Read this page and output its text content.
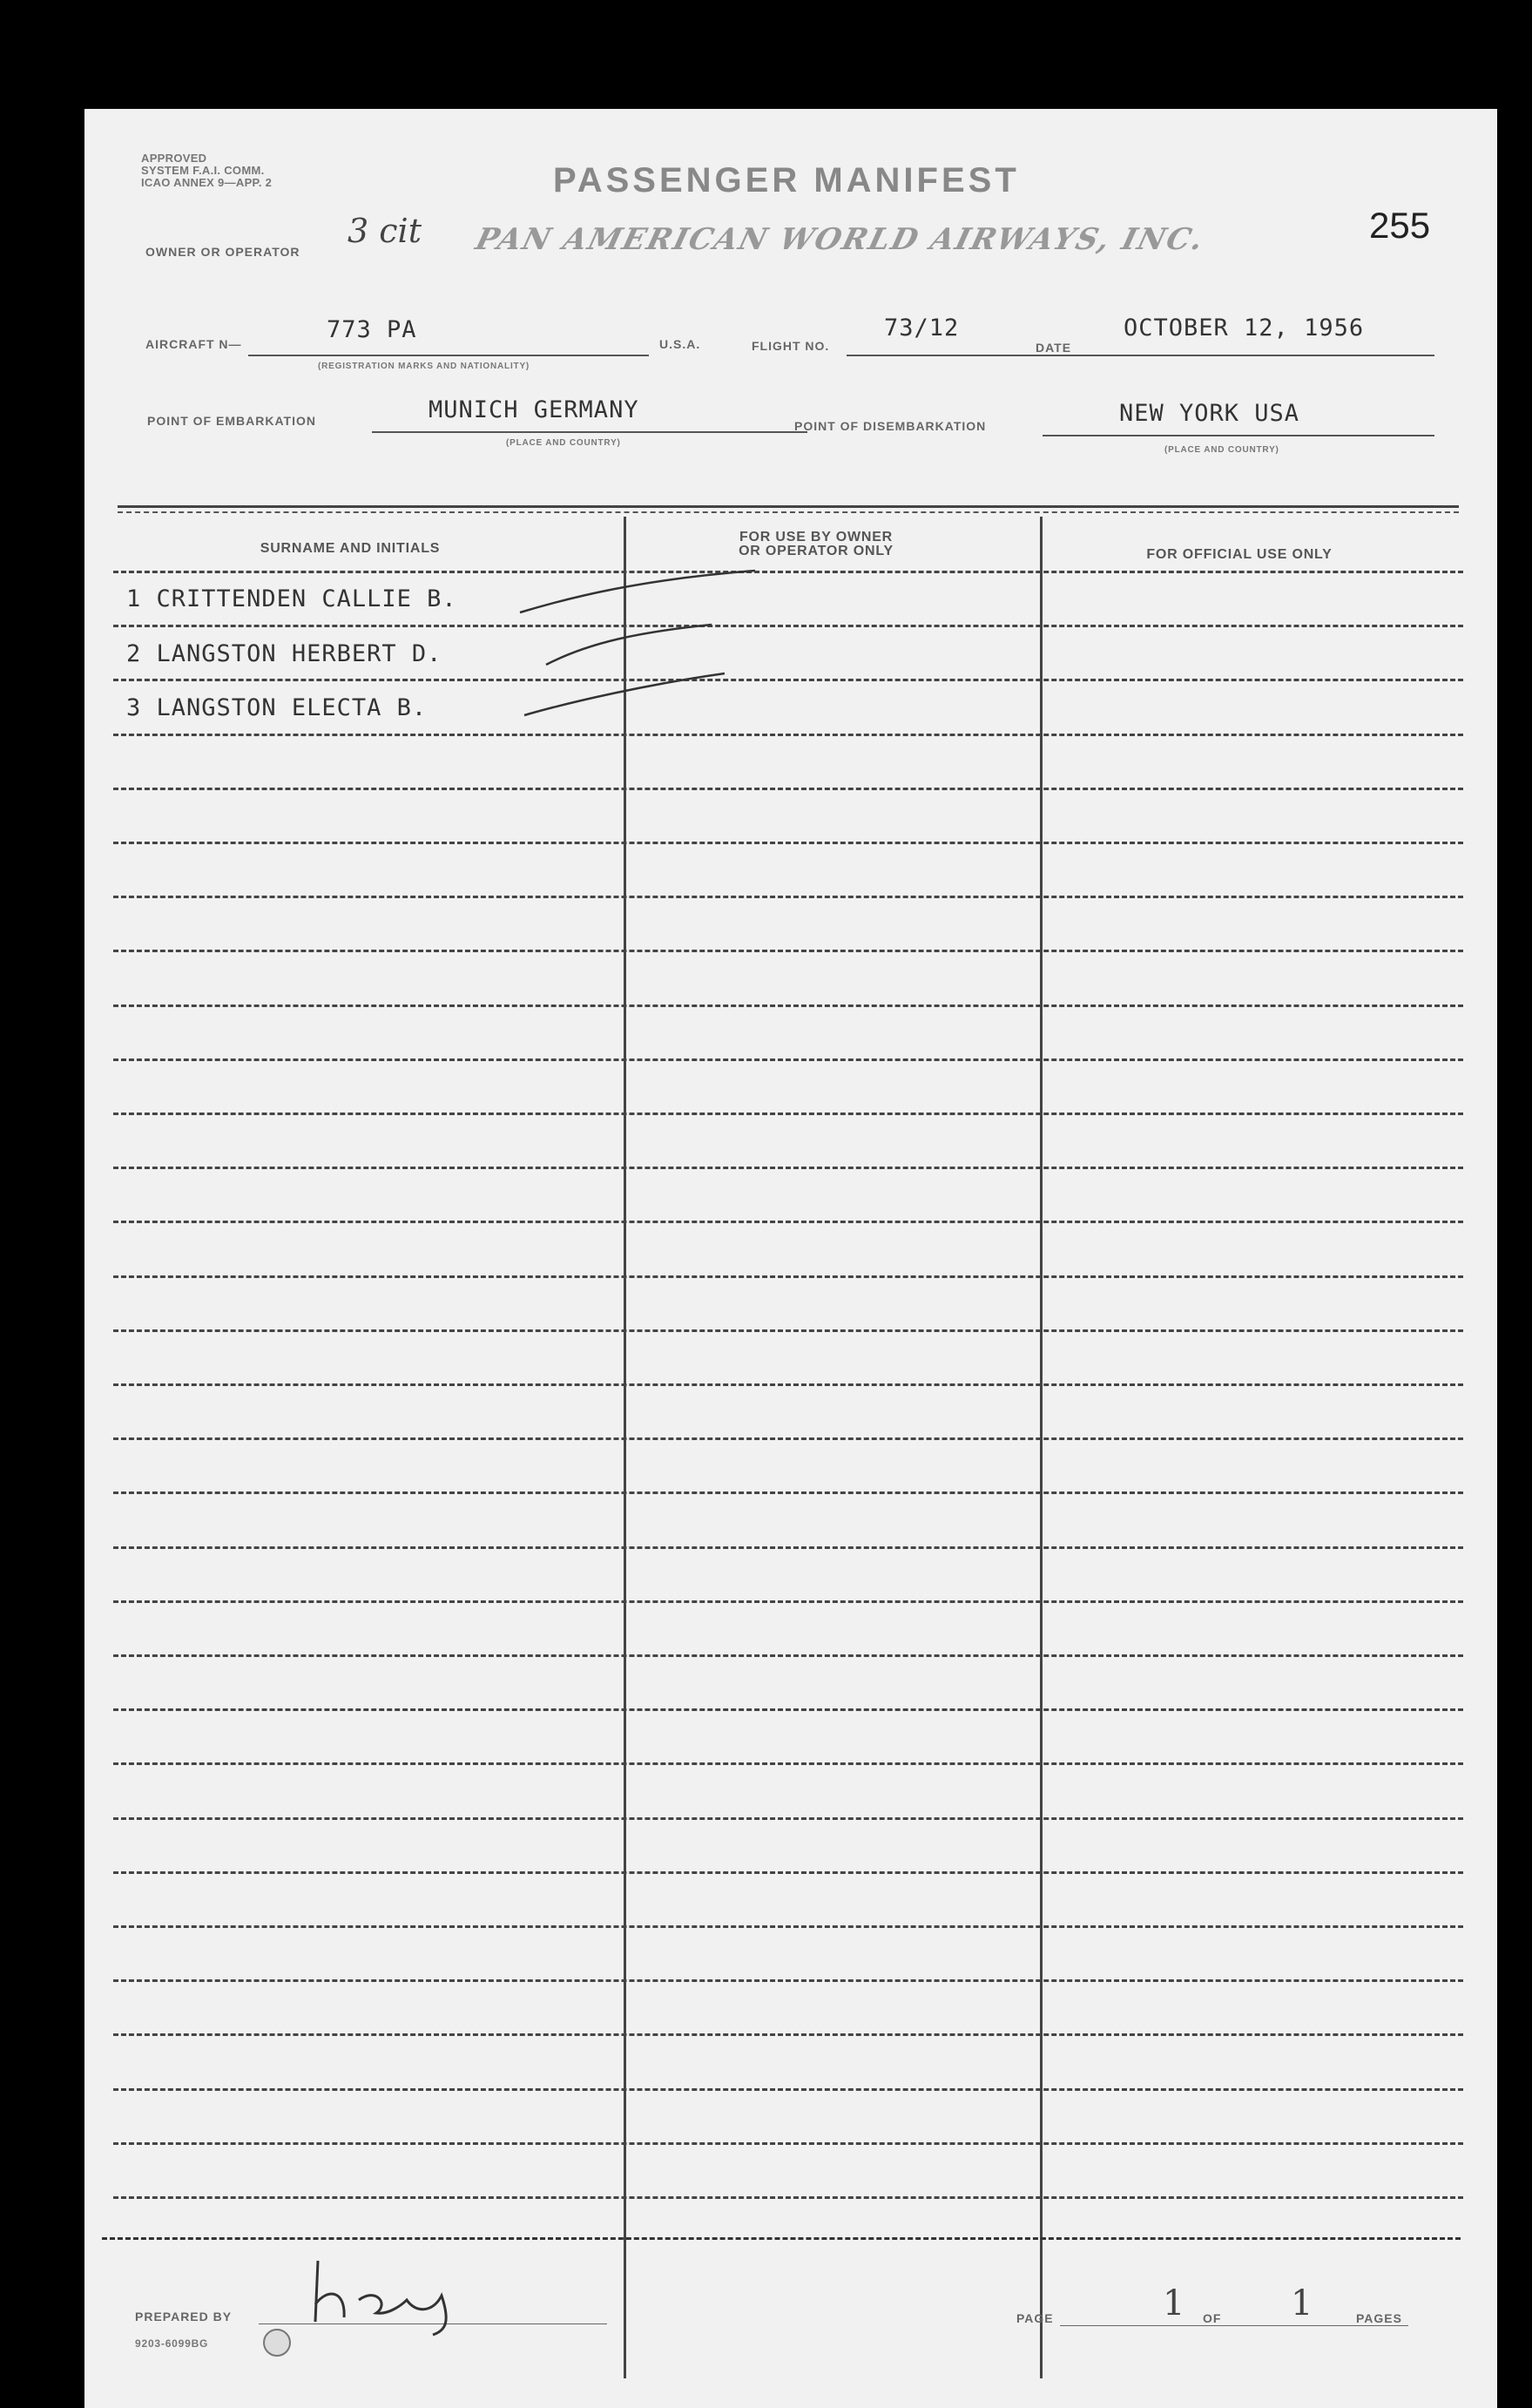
APPROVED
SYSTEM F.A.I. COMM.
ICAO ANNEX 9—APP. 2	PASSENGER MANIFEST
255
OWNER OR OPERATOR
3 cit PAN AMERICAN WORLD AIRWAYS, INC.
AIRCRAFT N—
773 PA
(REGISTRATION MARKS AND NATIONALITY)
U.S.A.	FLIGHT NO.
73/12
DATE
OCTOBER 12, 1956
POINT OF EMBARKATION	MUNICH GERMANY
(PLACE AND COUNTRY)
POINT OF DISEMBARKATION	NEW YORK USA
(PLACE AND COUNTRY)
SURNAME AND INITIALS
FOR USE BY OWNER
OR OPERATOR ONLY	FOR OFFICIAL USE ONLY
1 CRITTENDEN CALLIE B.
2 LANGSTON HERBERT D.
3 LANGSTON ELECTA B.
PREPARED BY
9203-6099BG
PAGE	1 OF 1	PAGES
